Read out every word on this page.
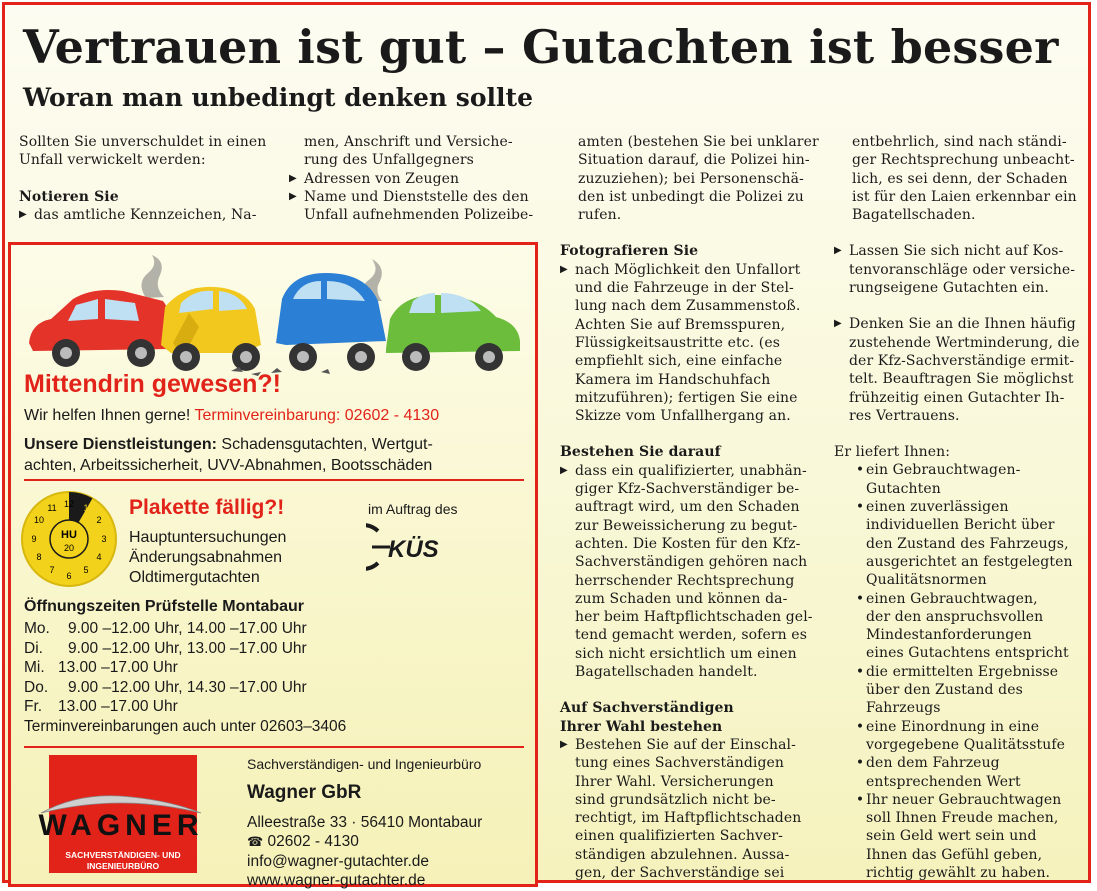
Vertrauen ist gut – Gutachten ist besser
Woran man unbedingt denken sollte

Sollten Sie unverschuldet in einen

Unfall verwickelt werden:

Notieren Sie

▶ das amtliche Kennzeichen, Na-

men, Anschrift und Versiche-

rung des Unfallgegners

▶ Adressen von Zeugen
▶ Name und Dienststelle des den
Unfall aufnehmenden Polizeibe-

amten (bestehen Sie bei unklarer

Situation darauf, die Polizei hin-

zuzuziehen); bei Personenschä-

den ist unbedingt die Polizei zu

rufen.

Fotografieren Sie

▶ nach Möglichkeit den Unfallort

und die Fahrzeuge in der Stel-

lung nach dem Zusammenstoß.

Achten Sie auf Bremsspuren,

Flüssigkeitsaustritte etc. (es

empfiehlt sich, eine einfache

Kamera im Handschuhfach

mitzuführen); fertigen Sie eine

Skizze vom Unfallhergang an.

Bestehen Sie darauf

▶ dass ein qualifizierter, unabhän-

giger Kfz-Sachverständiger be-

auftragt wird, um den Schaden

zur Beweissicherung zu begut-

achten. Die Kosten für den Kfz-

Sachverständigen gehören nach

herrschender Rechtsprechung

zum Schaden und können da-

her beim Haftpflichtschaden gel-

tend gemacht werden, sofern es

sich nicht ersichtlich um einen

Bagatellschaden handelt.

Auf Sachverständigen

Ihrer Wahl bestehen

▶ Bestehen Sie auf der Einschal-

tung eines Sachverständigen

Ihrer Wahl. Versicherungen

sind grundsätzlich nicht be-

rechtigt, im Haftpflichtschaden

einen qualifizierten Sachver-

ständigen abzulehnen. Aussa-

gen, der Sachverständige sei

entbehrlich, sind nach ständi-

ger Rechtsprechung unbeacht-

lich, es sei denn, der Schaden

ist für den Laien erkennbar ein

Bagatellschaden.

▶ Lassen Sie sich nicht auf Kos-

tenvoranschläge oder versiche-

rungseigene Gutachten ein.

▶ Denken Sie an die Ihnen häufig

zustehende Wertminderung, die

der Kfz-Sachverständige ermit-

telt. Beauftragen Sie möglichst

frühzeitig einen Gutachter Ih-

res Vertrauens.

Er liefert Ihnen:

• ein Gebrauchtwagen-

Gutachten

• einen zuverlässigen

individuellen Bericht über

den Zustand des Fahrzeugs,

ausgerichtet an festgelegten

Qualitätsnormen

• einen Gebrauchtwagen,

der den anspruchsvollen

Mindestanforderungen

eines Gutachtens entspricht

• die ermittelten Ergebnisse

über den Zustand des

Fahrzeugs

• eine Einordnung in eine

vorgegebene Qualitätsstufe

• den dem Fahrzeug

entsprechenden Wert

• Ihr neuer Gebrauchtwagen

soll Ihnen Freude machen,

sein Geld wert sein und

Ihnen das Gefühl geben,

richtig gewählt zu haben.

Mittendrin gewesen?!
Wir helfen Ihnen gerne! Terminvereinbarung: 02602 - 4130
Unsere Dienstleistungen: Schadensgutachten, Wertgut-
achten, Arbeitssicherheit, UVV-Abnahmen, Bootsschäden
12 1
2
3
4
5
6
7
8
9
10
11
HU
20
Plakette fällig?!
Hauptuntersuchungen
Änderungsabnahmen
Oldtimergutachten
im Auftrag des
KÜS
Öffnungszeiten Prüfstelle Montabaur
Mo.	9.00 –12.00 Uhr, 14.00 –17.00 Uhr
Di.	9.00 –12.00 Uhr, 13.00 –17.00 Uhr
Mi. 13.00 –17.00 Uhr
Do.	9.00 –12.00 Uhr, 14.30 –17.00 Uhr
Fr.	13.00 –17.00 Uhr
Terminvereinbarungen auch unter 02603–3406
WAGNER
SACHVERSTÄNDIGEN- UND
INGENIEURBÜRO
Sachverständigen- und Ingenieurbüro
Wagner GbR
Alleestraße 33 · 56410 Montabaur
☎ 02602 - 4130
info@wagner-gutachter.de
www.wagner-gutachter.de
